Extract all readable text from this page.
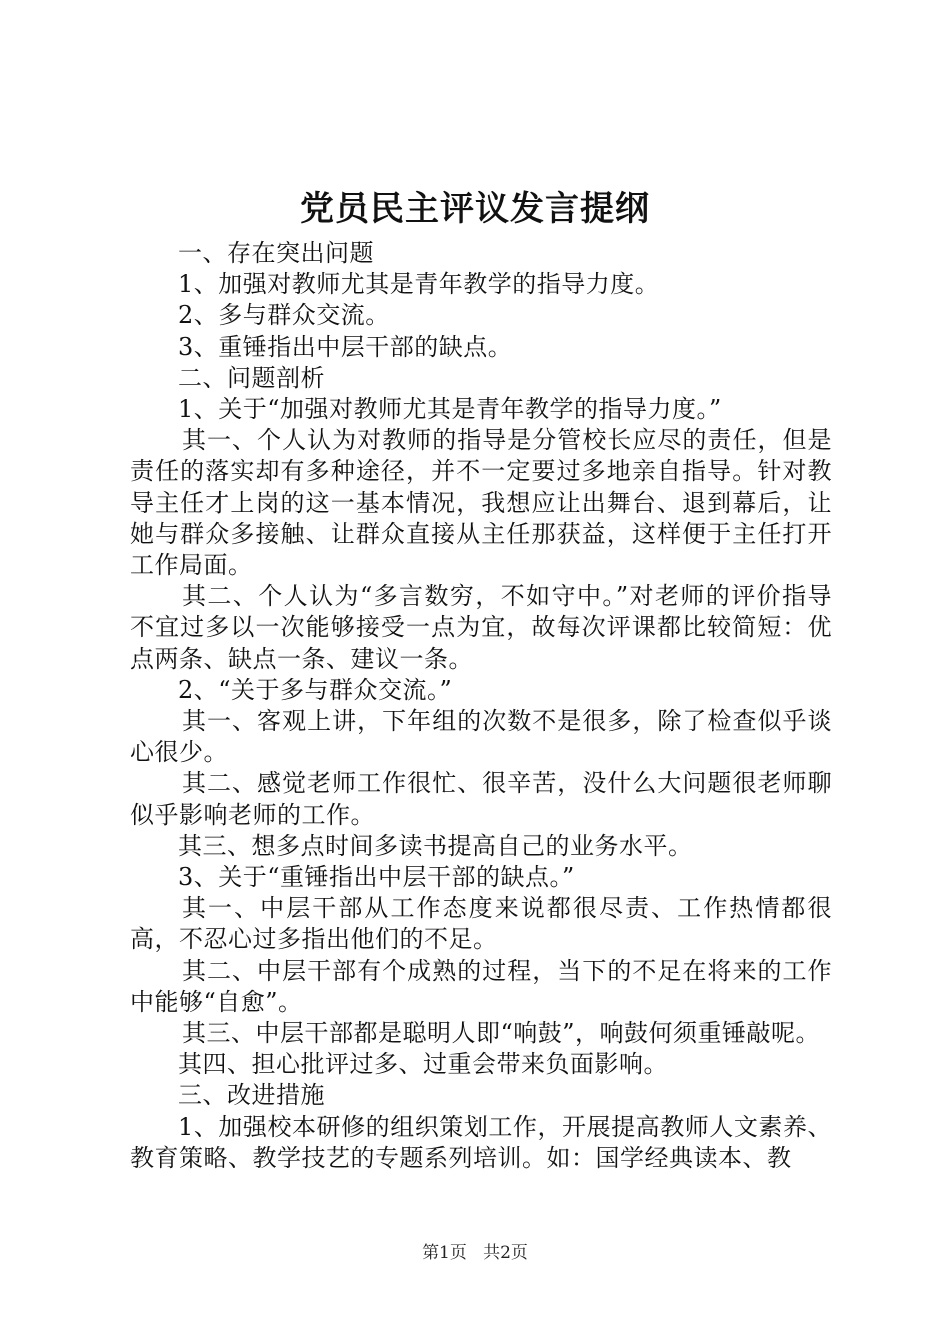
党员民主评议发言提纲

一、存在突出问题

1、加强对教师尤其是青年教学的指导力度。

2、多与群众交流。

3、重锤指出中层干部的缺点。

二、问题剖析

1、关于“加强对教师尤其是青年教学的指导力度。”

其一、个人认为对教师的指导是分管校长应尽的责任，但是责任的落实却有多种途径，并不一定要过多地亲自指导。针对教导主任才上岗的这一基本情况，我想应让出舞台、退到幕后，让她与群众多接触、让群众直接从主任那获益，这样便于主任打开工作局面。

其二、个人认为“多言数穷，不如守中。”对老师的评价指导不宜过多以一次能够接受一点为宜，故每次评课都比较简短：优点两条、缺点一条、建议一条。

2、“关于多与群众交流。”

其一、客观上讲，下年组的次数不是很多，除了检查似乎谈心很少。

其二、感觉老师工作很忙、很辛苦，没什么大问题很老师聊似乎影响老师的工作。

其三、想多点时间多读书提高自己的业务水平。

3、关于“重锤指出中层干部的缺点。”

其一、中层干部从工作态度来说都很尽责、工作热情都很高，不忍心过多指出他们的不足。

其二、中层干部有个成熟的过程，当下的不足在将来的工作中能够“自愈”。

其三、中层干部都是聪明人即“响鼓”，响鼓何须重锤敲呢。

其四、担心批评过多、过重会带来负面影响。

三、改进措施

1、加强校本研修的组织策划工作，开展提高教师人文素养、教育策略、教学技艺的专题系列培训。如：国学经典读本、教

第1页 共2页
